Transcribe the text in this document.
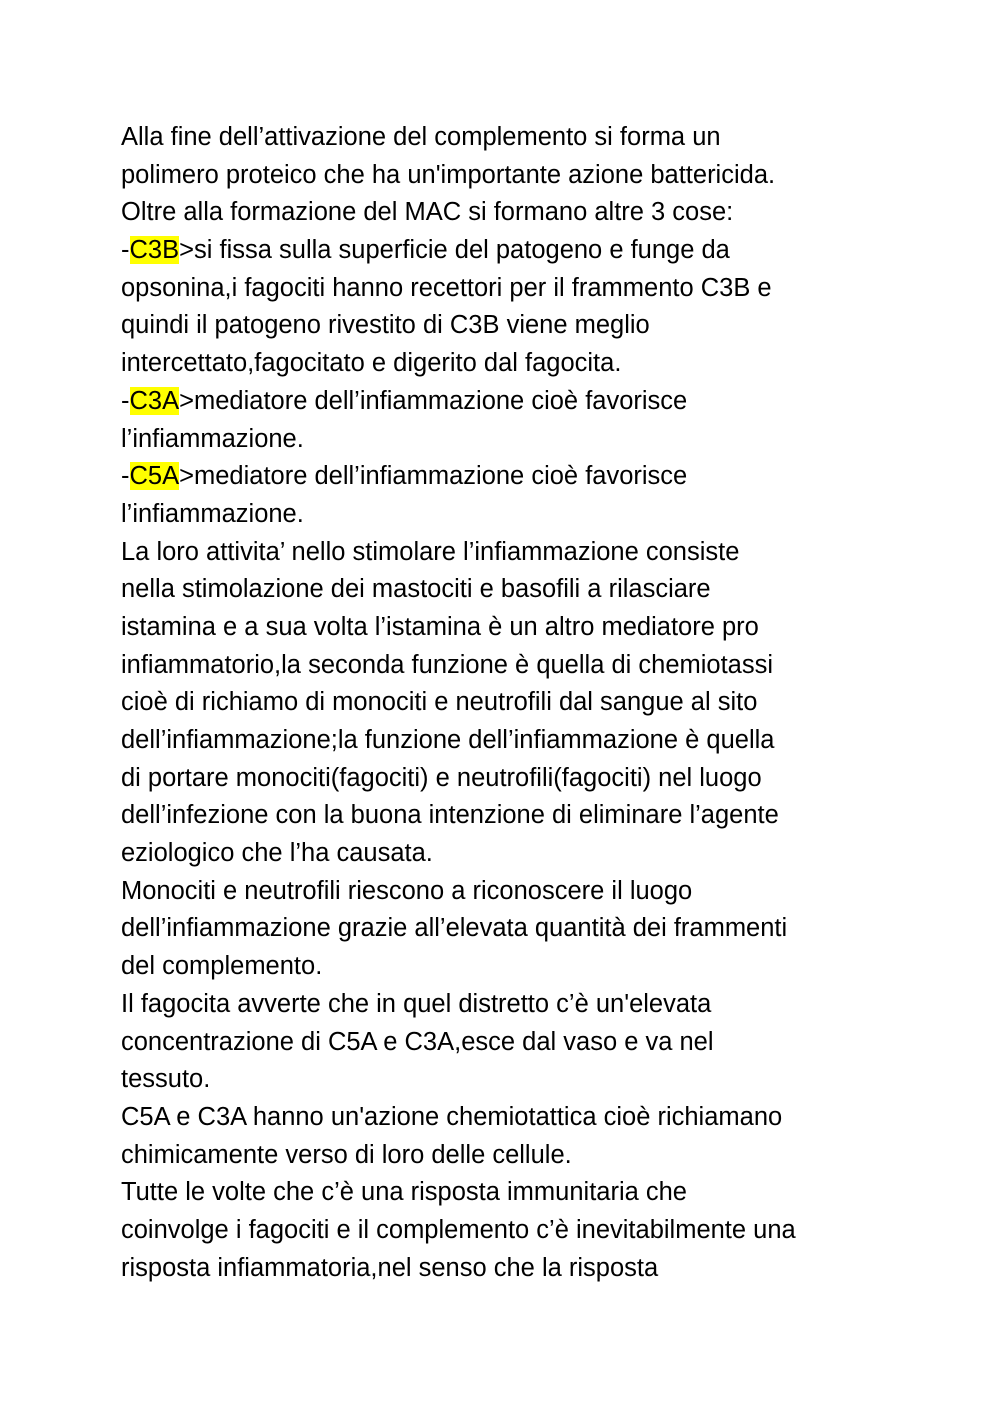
Alla fine dell’attivazione del complemento si forma un
polimero proteico che ha un'importante azione battericida.
Oltre alla formazione del MAC si formano altre 3 cose:
-C3B>si fissa sulla superficie del patogeno e funge da
opsonina,i fagociti hanno recettori per il frammento C3B e
quindi il patogeno rivestito di C3B viene meglio
intercettato,fagocitato e digerito dal fagocita.
-C3A>mediatore dell’infiammazione cioè favorisce
l’infiammazione.
-C5A>mediatore dell’infiammazione cioè favorisce
l’infiammazione.
La loro attivita’ nello stimolare l’infiammazione consiste
nella stimolazione dei mastociti e basofili a rilasciare
istamina e a sua volta l’istamina è un altro mediatore pro
infiammatorio,la seconda funzione è quella di chemiotassi
cioè di richiamo di monociti e neutrofili dal sangue al sito
dell’infiammazione;la funzione dell’infiammazione è quella
di portare monociti(fagociti) e neutrofili(fagociti) nel luogo
dell’infezione con la buona intenzione di eliminare l’agente
eziologico che l’ha causata.
Monociti e neutrofili riescono a riconoscere il luogo
dell’infiammazione grazie all’elevata quantità dei frammenti
del complemento.
Il fagocita avverte che in quel distretto c’è un'elevata
concentrazione di C5A e C3A,esce dal vaso e va nel
tessuto.
C5A e C3A hanno un'azione chemiotattica cioè richiamano
chimicamente verso di loro delle cellule.
Tutte le volte che c’è una risposta immunitaria che
coinvolge i fagociti e il complemento c’è inevitabilmente una
risposta infiammatoria,nel senso che la risposta
